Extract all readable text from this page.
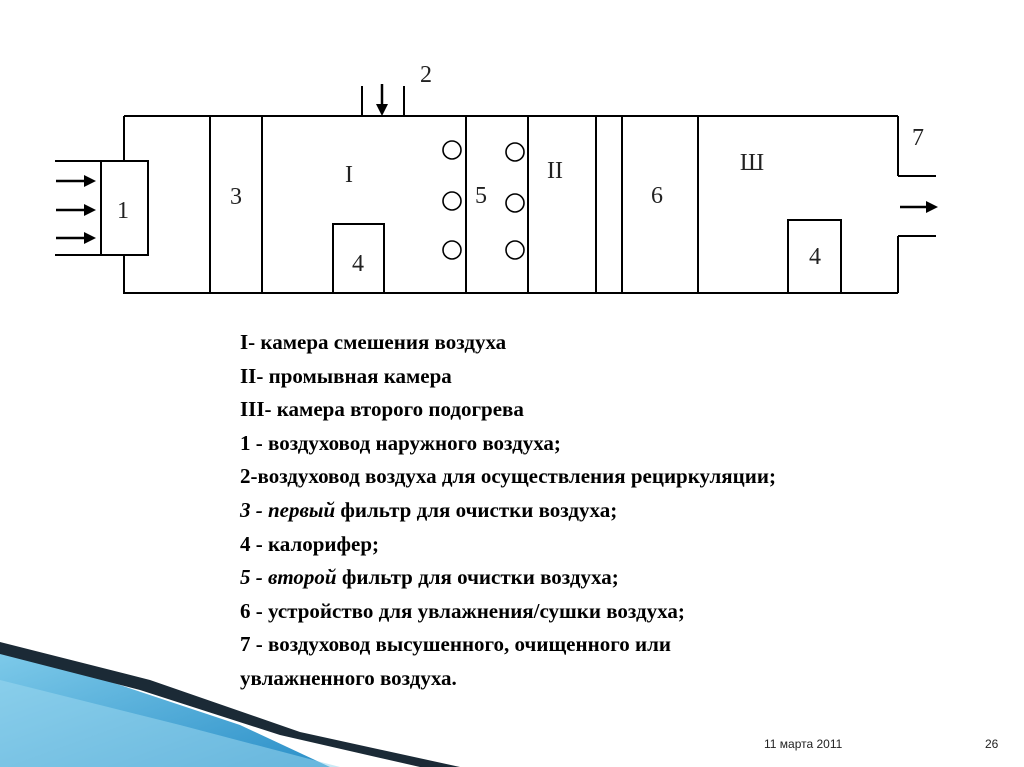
1
2
3
I
4
5
II
6
Ш
4
7
I- камера смешения воздуха
II- промывная камера
III- камера второго подогрева
1 - воздуховод наружного воздуха;
2-воздуховод воздуха для осуществления рециркуляции;
3 - первый фильтр для очистки воздуха;
4 - калорифер;
5 - второй фильтр для очистки воздуха;
6 - устройство для увлажнения/сушки воздуха;
7 - воздуховод высушенного, очищенного или
увлажненного воздуха.
11 марта 2011	26
